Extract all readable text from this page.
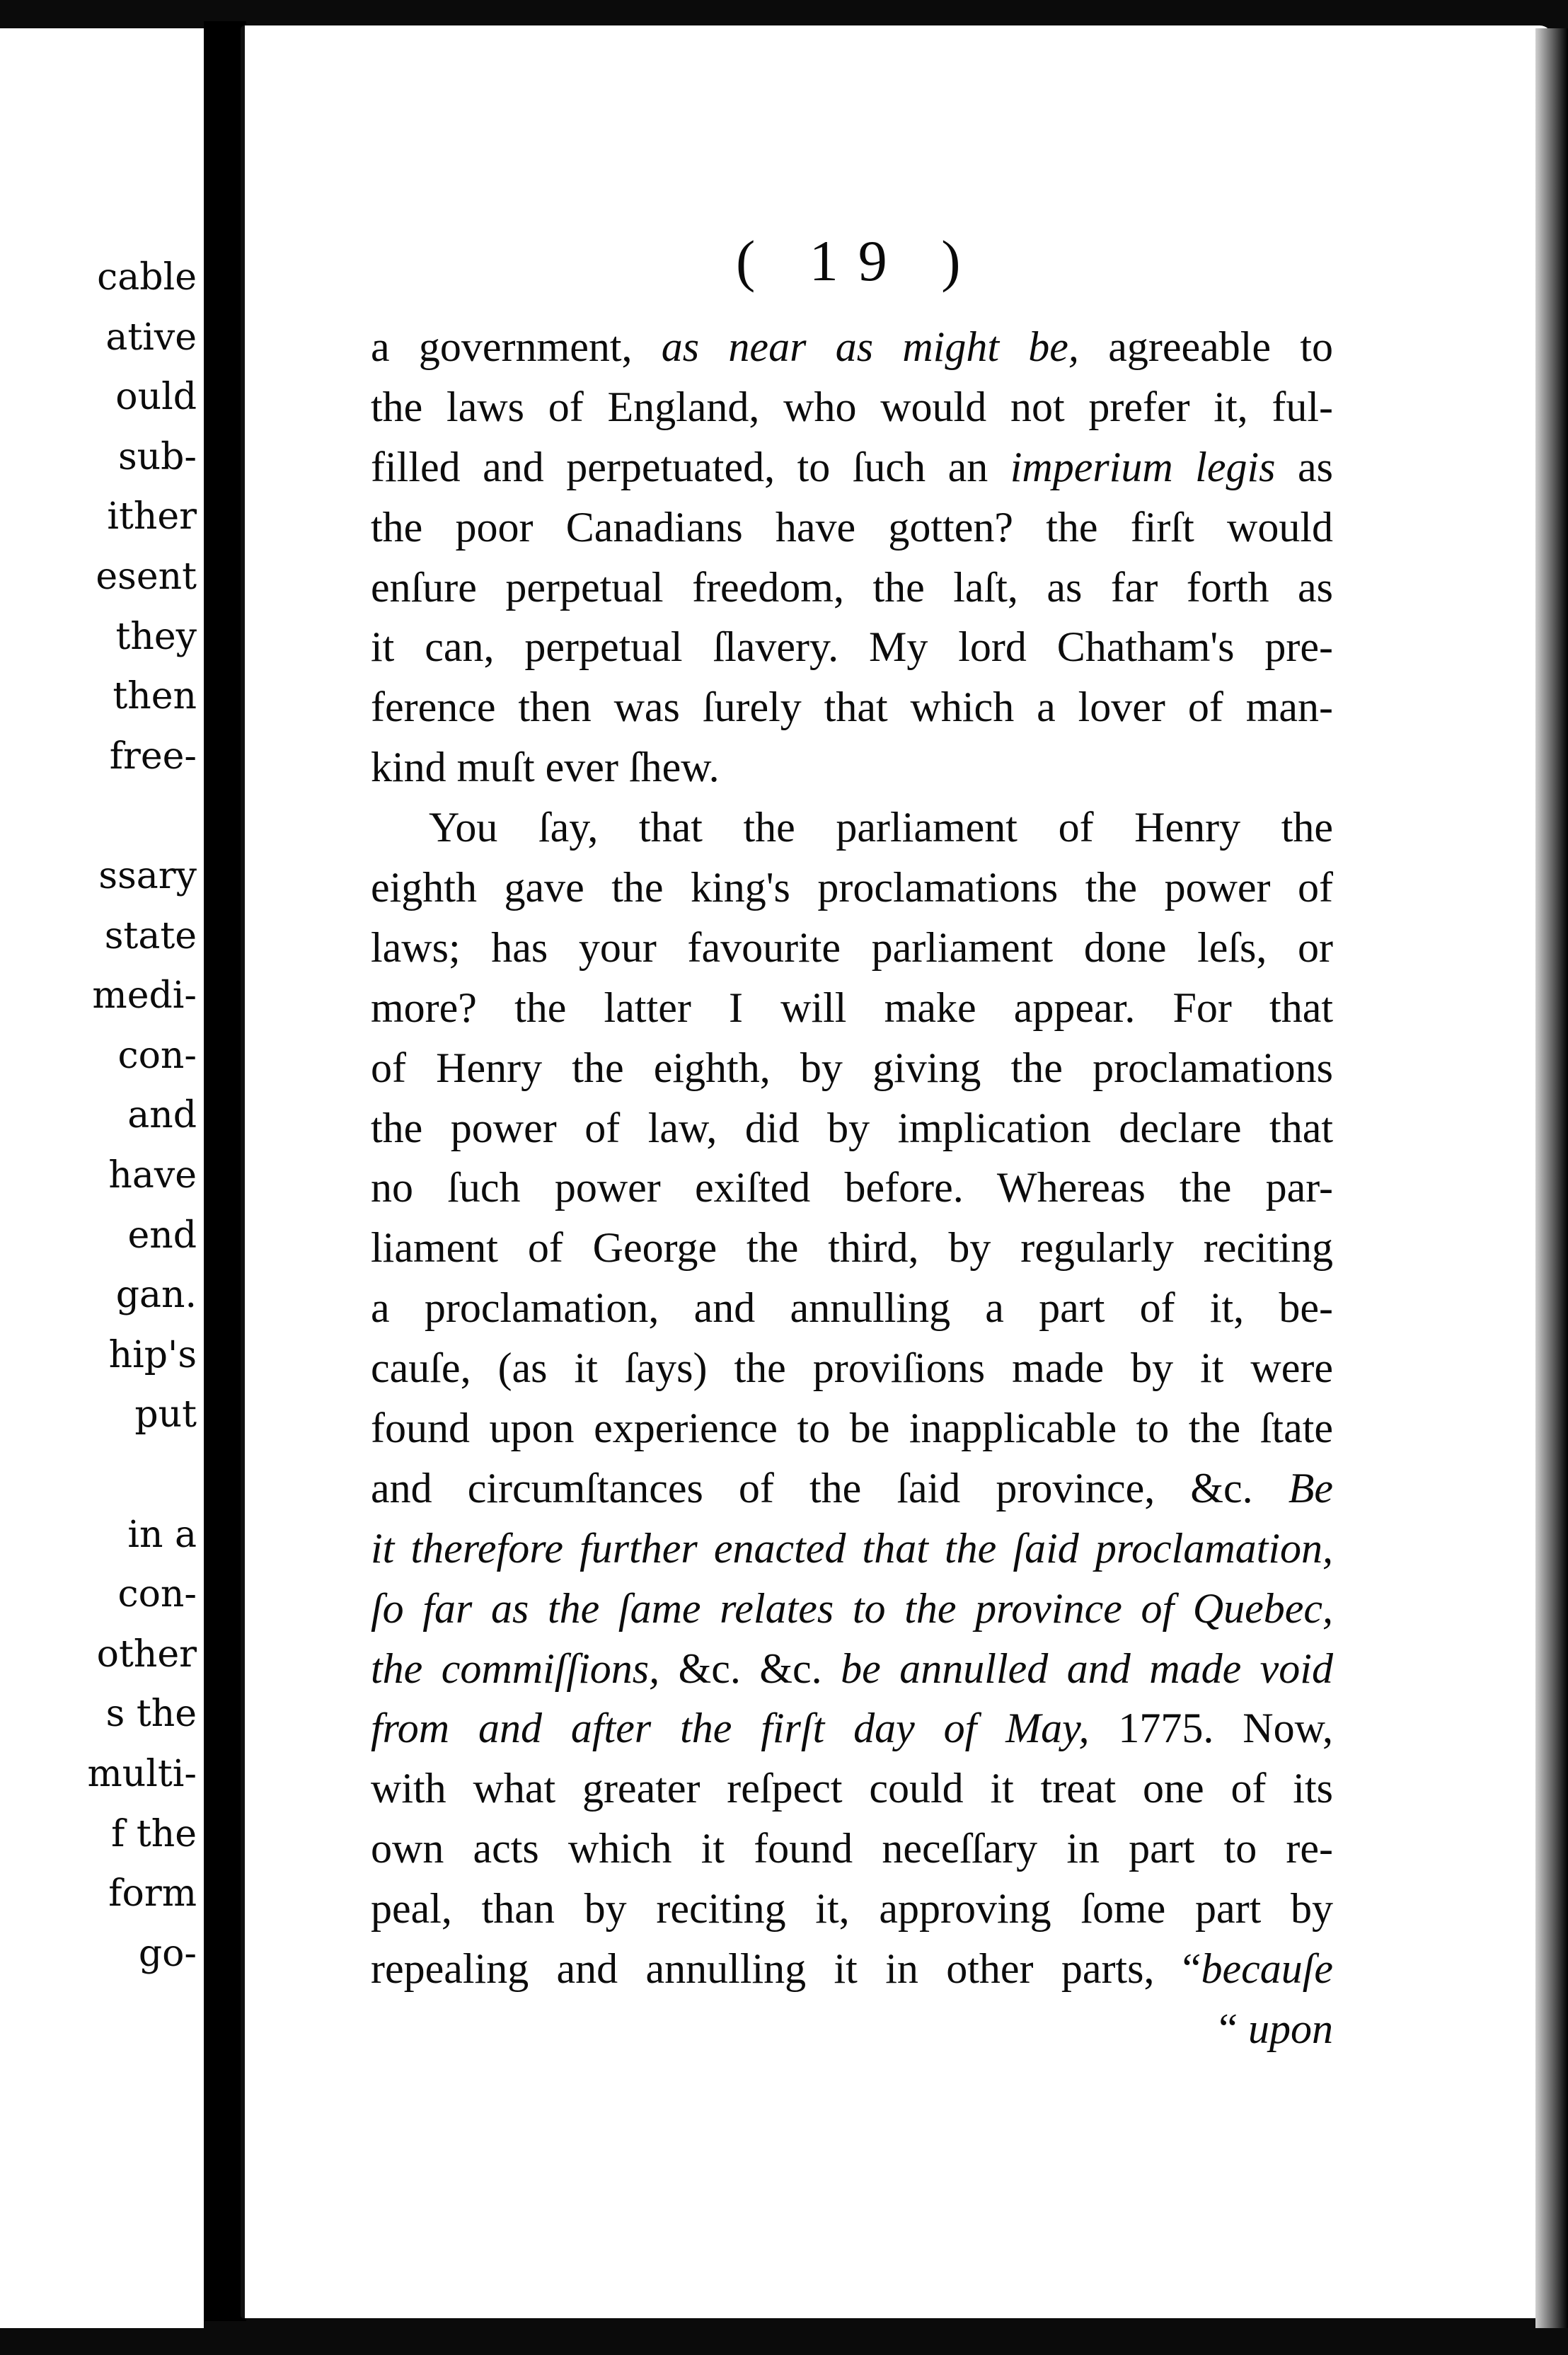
cable
ative
ould
sub-
ither
esent
they
then
free-
ssary
state
medi-
con-
and
have
end
gan.
hip's
put
in a
con-
other
s the
multi-
f the
form
go-
( 19 )
a government, as near as might be, agreeable to
the laws of England, who would not prefer it, ful-
filled and perpetuated, to ſuch an imperium legis as
the poor Canadians have gotten? the firſt would
enſure perpetual freedom, the laſt, as far forth as
it can, perpetual ſlavery. My lord Chatham's pre-
ference then was ſurely that which a lover of man-
kind muſt ever ſhew.
You ſay, that the parliament of Henry the
eighth gave the king's proclamations the power of
laws; has your favourite parliament done leſs, or
more? the latter I will make appear. For that
of Henry the eighth, by giving the proclamations
the power of law, did by implication declare that
no ſuch power exiſted before. Whereas the par-
liament of George the third, by regularly reciting
a proclamation, and annulling a part of it, be-
cauſe, (as it ſays) the proviſions made by it were
found upon experience to be inapplicable to the ſtate
and circumſtances of the ſaid province, &c. Be
it therefore further enacted that the ſaid proclamation,
ſo far as the ſame relates to the province of Quebec,
the commiſſions, &c. &c. be annulled and made void
from and after the firſt day of May, 1775. Now,
with what greater reſpect could it treat one of its
own acts which it found neceſſary in part to re-
peal, than by reciting it, approving ſome part by
repealing and annulling it in other parts, “becauſe
“ upon
